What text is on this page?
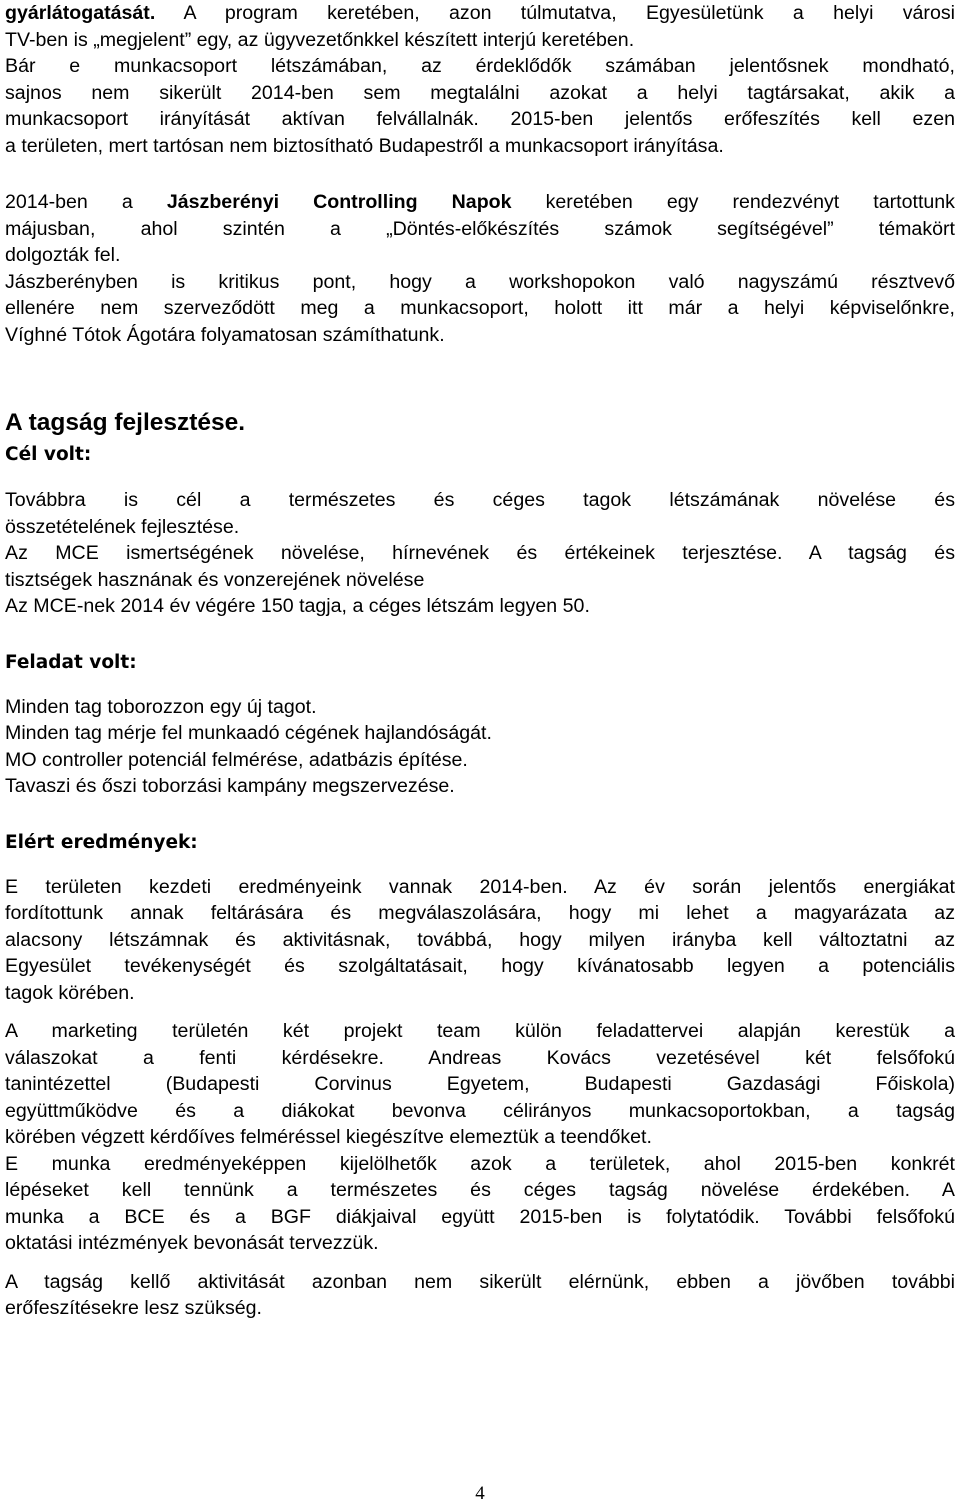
gyárlátogatását. A program keretében, azon túlmutatva, Egyesületünk a helyi városi
TV-ben is „megjelent” egy, az ügyvezetőnkkel készített interjú keretében.
Bár e munkacsoport létszámában, az érdeklődők számában jelentősnek mondható,
sajnos nem sikerült 2014-ben sem megtalálni azokat a helyi tagtársakat, akik a
munkacsoport irányítását aktívan felvállalnák. 2015-ben jelentős erőfeszítés kell ezen
a területen, mert tartósan nem biztosítható Budapestről a munkacsoport irányítása.

2014-ben a Jászberényi Controlling Napok keretében egy rendezvényt tartottunk
májusban, ahol szintén a „Döntés-előkészítés számok segítségével” témakört
dolgozták fel.

Jászberényben is kritikus pont, hogy a workshopokon való nagyszámú résztvevő
ellenére nem szerveződött meg a munkacsoport, holott itt már a helyi képviselőnkre,
Víghné Tótok Ágotára folyamatosan számíthatunk.

A tagság fejlesztése.
Cél volt:

Továbbra is cél a természetes és céges tagok létszámának növelése és
összetételének fejlesztése.
Az MCE ismertségének növelése, hírnevének és értékeinek terjesztése. A tagság és
tisztségek hasznának és vonzerejének növelése
Az MCE-nek 2014 év végére 150 tagja, a céges létszám legyen 50.

Feladat volt:

Minden tag toborozzon egy új tagot.
Minden tag mérje fel munkaadó cégének hajlandóságát.
MO controller potenciál felmérése, adatbázis építése.
Tavaszi és őszi toborzási kampány megszervezése.

Elért eredmények:

E területen kezdeti eredményeink vannak 2014-ben. Az év során jelentős energiákat
fordítottunk annak feltárására és megválaszolására, hogy mi lehet a magyarázata az
alacsony létszámnak és aktivitásnak, továbbá, hogy milyen irányba kell változtatni az
Egyesület tevékenységét és szolgáltatásait, hogy kívánatosabb legyen a potenciális
tagok körében.

A marketing területén két projekt team külön feladattervei alapján kerestük a
válaszokat a fenti kérdésekre. Andreas Kovács vezetésével két felsőfokú
tanintézettel (Budapesti Corvinus Egyetem, Budapesti Gazdasági Főiskola)
együttműködve és a diákokat bevonva célirányos munkacsoportokban, a tagság
körében végzett kérdőíves felméréssel kiegészítve elemeztük a teendőket.

E munka eredményeképpen kijelölhetők azok a területek, ahol 2015-ben konkrét
lépéseket kell tennünk a természetes és céges tagság növelése érdekében. A
munka a BCE és a BGF diákjaival együtt 2015-ben is folytatódik. További felsőfokú
oktatási intézmények bevonását tervezzük.

A tagság kellő aktivitását azonban nem sikerült elérnünk, ebben a jövőben további
erőfeszítésekre lesz szükség.

4
